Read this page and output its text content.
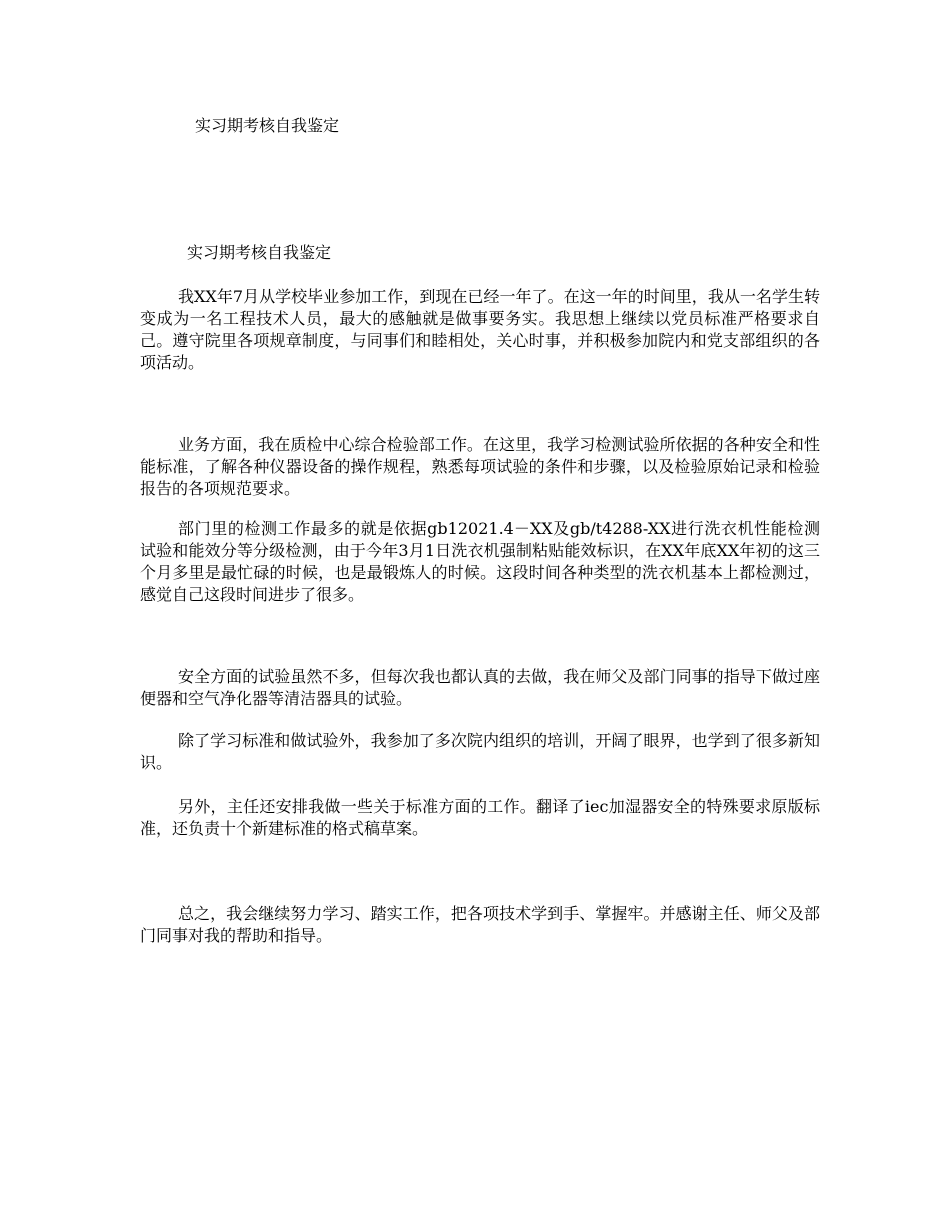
实习期考核自我鉴定
实习期考核自我鉴定

我XX年7月从学校毕业参加工作，到现在已经一年了。在这一年的时间里，我从一名学生转变成为一名工程技术人员，最大的感触就是做事要务实。我思想上继续以党员标准严格要求自己。遵守院里各项规章制度，与同事们和睦相处，关心时事，并积极参加院内和党支部组织的各项活动。

业务方面，我在质检中心综合检验部工作。在这里，我学习检测试验所依据的各种安全和性能标准，了解各种仪器设备的操作规程，熟悉每项试验的条件和步骤，以及检验原始记录和检验报告的各项规范要求。

部门里的检测工作最多的就是依据gb12021.4－XX及gb/t4288-XX进行洗衣机性能检测试验和能效分等分级检测，由于今年3月1日洗衣机强制粘贴能效标识，在XX年底XX年初的这三个月多里是最忙碌的时候，也是最锻炼人的时候。这段时间各种类型的洗衣机基本上都检测过，感觉自己这段时间进步了很多。

安全方面的试验虽然不多，但每次我也都认真的去做，我在师父及部门同事的指导下做过座便器和空气净化器等清洁器具的试验。

除了学习标准和做试验外，我参加了多次院内组织的培训，开阔了眼界，也学到了很多新知识。

另外，主任还安排我做一些关于标准方面的工作。翻译了iec加湿器安全的特殊要求原版标准，还负责十个新建标准的格式稿草案。

总之，我会继续努力学习、踏实工作，把各项技术学到手、掌握牢。并感谢主任、师父及部门同事对我的帮助和指导。
